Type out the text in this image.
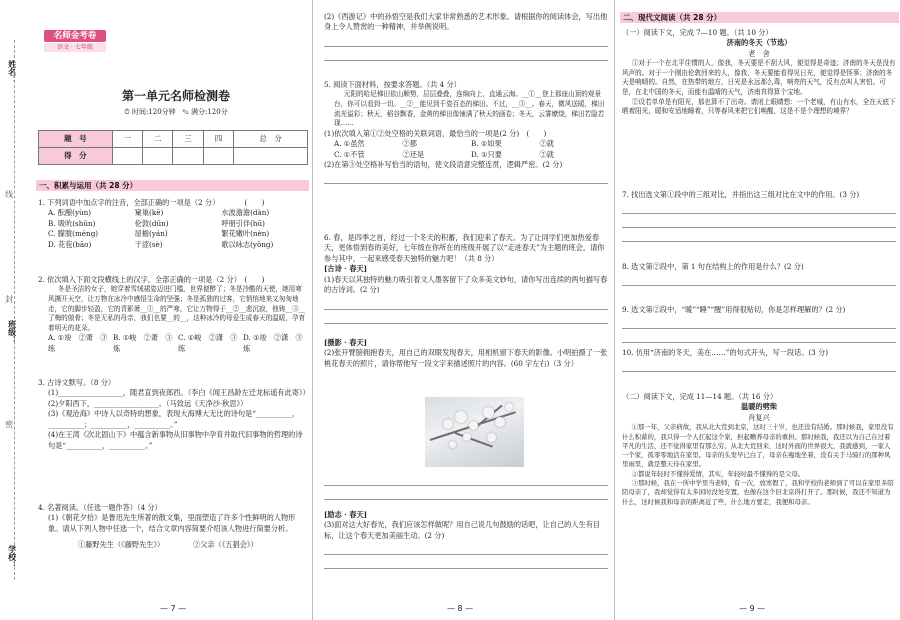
姓名：
线
班级：
封
密
学校：
名师金考卷
语文 · 七年级
第一单元名师检测卷
⏱ 时间:120分钟 ✎ 满分:120分
题　号	一	二	三	四	总　分
得　分					
一、积累与运用（共 28 分）

1. 下列词语中加点字的注音，全部正确的一项是（2 分）　　　　(　　)

A. 酝酿(yùn)	窠巢(kē)	水波澹澹(dàn)
B. 吸吮(shǔn)	伦敦(dūn)	呼朋引伴(hū)
C. 朦胧(méng)	屋檐(yán)	繁花嫩叶(nèn)
D. 花苞(bāo)	干涩(sè)	歌以咏志(yǒng)

2. 依次填入下面文段横线上的汉字，全部正确的一项是（2 分）　(　　)

冬是圣洁的女子，她穿着雪绒裙姿迈进门槛，世界便醉了；冬是冷酷的天使，她用寒风撕开天空，让万物在冰冷中感悟生命的坚强；冬是孤独的过客，它悄悄地来又匆匆地走，它的脚步轻盈，它的背影萧__①__的严寒，它让万物得于__②__悲沉寂，他铸__③__了梅的傲骨；冬是无私的母亲，我们也要__的__，这种冰冷的母爱生成春天的温暖，孕育着明天的花朵。

A. ①竣　②萧　③练
B. ①峻　②萧　③炼
C. ①峻　②潇　③练
D. ①竣　②潇　③炼

3. 古诗文默写。（8 分）

(1)__________________，随君直到夜郎西。（李白《闻王昌龄左迁龙标遥有此寄》）

(2)夕阳西下，__________________。（马致远《天净沙·秋思》）

(3)《观沧海》中诗人以奇特的想象，表现大海博大无比的诗句是“__________，__________；__________，__________。”

(4)在王湾《次北固山下》中蕴含新事物从旧事物中孕育并取代旧事物的哲理的诗句是“__________，__________。”

4. 名著阅读。（任选一题作答）（4 分）

(1)《朝花夕拾》是鲁迅先生所著的散文集，里面塑造了许多个性鲜明的人物形象。请从下列人物中任选一个，结合文章内容简要介绍该人物进行简要分析。

①藤野先生（《藤野先生》）	②父亲（《五猖会》）
— 7 —

(2)《西游记》中的孙悟空是我们大家非常熟悉的艺术形象。请根据你的阅读体会，写出他身上令人赞赏的一种精神，并举例说明。

5. 阅读下面材料，按要求答题。（共 4 分）

元阳的哈尼梯田依山顺势，层层叠叠，连绵向上，直通云海。__①__登上那座山顶的观景台，你可以看到一切。__②__能见到千姿百态的梯田。不过，__③__。春天，微风送暖，梯田流光溢彩；秋天，稻谷飘香，金黄的梯田像铺满了秋天的画卷；冬天，云雾缭绕，梯田若隐若现……

(1)依次填入第①②处空格的关联词语，最恰当的一项是(2 分)　(　　)

A. ①虽然	②都	B. ①如果	②就
C. ①不管	②还是	D. ①只要	②就

(2)在第③处空格补写恰当的语句，使文段语意完整连贯，逻辑严密。(2 分)

6. 春，是四季之首，经过一个冬天的积蓄，我们迎来了春天。为了让同学们更加热爱春天，更体悟到春的美好，七年级在你所在的班级开展了以“走进春天”为主题的班会，请你参与其中，一起来感受春天独特的魅力吧！（共 8 分）

[古诗 · 春天]

(1)春天以其独特的魅力吸引着文人墨客留下了众多美文妙句，请你写出连续的两句描写春的古诗词。(2 分)

[摄影 · 春天]

(2)张开臂膀拥抱春天，用自己的双眼发现春天，用相机留下春天的影像。小明拍摄了一张桃花春天的照片，请你帮他写一段文字来描述照片的内容。(60 字左右)（3 分）

[励志 · 春天]

(3)面对这大好春光，我们应该怎样做呢？用自己说几句鼓励的话吧，让自己的人生有目标，让这个春天更加美丽生动。(2 分)

— 8 —
二、现代文阅读（共 28 分）

（一）阅读下文，完成 7—10 题。（共 10 分）

济南的冬天（节选）

老　舍

①对于一个在北平住惯的人，像我，冬天要是不刮大风，便觉得是奇迹；济南的冬天是没有风声的。对于一个刚由伦敦回来的人，像我，冬天要能看得见日光，便觉得是怪事；济南的冬天是响晴的。自然，在热带的地方，日光是永远那么毒，响亮的天气，反有点叫人害怕。可是，在北中国的冬天，而能有温晴的天气，济南真得算个宝地。

②设若单单是有阳光，那也算不了出奇。请闭上眼睛想：一个老城，有山有水，全在天底下晒着阳光，暖和安适地睡着，只等春风来把它们唤醒，这是不是个理想的境界？

7. 找出选文第①段中的三组对比，并指出这三组对比在文中的作用。(3 分)

8. 选文第②段中，第 1 句在结构上的作用是什么？(2 分)

9. 选文第②段中，“暖”“睡”“醒”用得很贴切，你是怎样理解的？(2 分)

10. 仿用“济南的冬天，美在……”的句式开头，写一段话。(3 分)

（二）阅读下文，完成 11—14 题。（共 16 分）

温暖的劈柴

肖复兴

①那一年，父亲病故，我从北大荒到北京，这时三十岁，也还没有结婚。那时候我，家里没有什么积蓄的，我只得一个人扛起这个家，担起赡养母亲的重担。那时候我，我还以为自己在过着平凡的生活，还不觉得家里有那么穷。从北大荒回来，这时外面的世界很大，我就感到，一家人一个家，孤零零地活在家里。母亲的头发早已白了，母亲在瘦地坐着，没有关于马骑行的那种风里雨里，就是整天待在家里。

②都说年轻时不懂得爱情，其实，年轻时最不懂得的是父母。

③那时候，我在一所中学里当老师，有一次，放寒假了，我和学校的老师到了可以在家里多陪陪母亲了，我却觉得有太多闲时没处安置，也像在这个旧北京得打开了。那时候，我还不知道为什么，这时候我和母亲的距离近了些，什么地方要走，我便和母亲。

— 9 —
